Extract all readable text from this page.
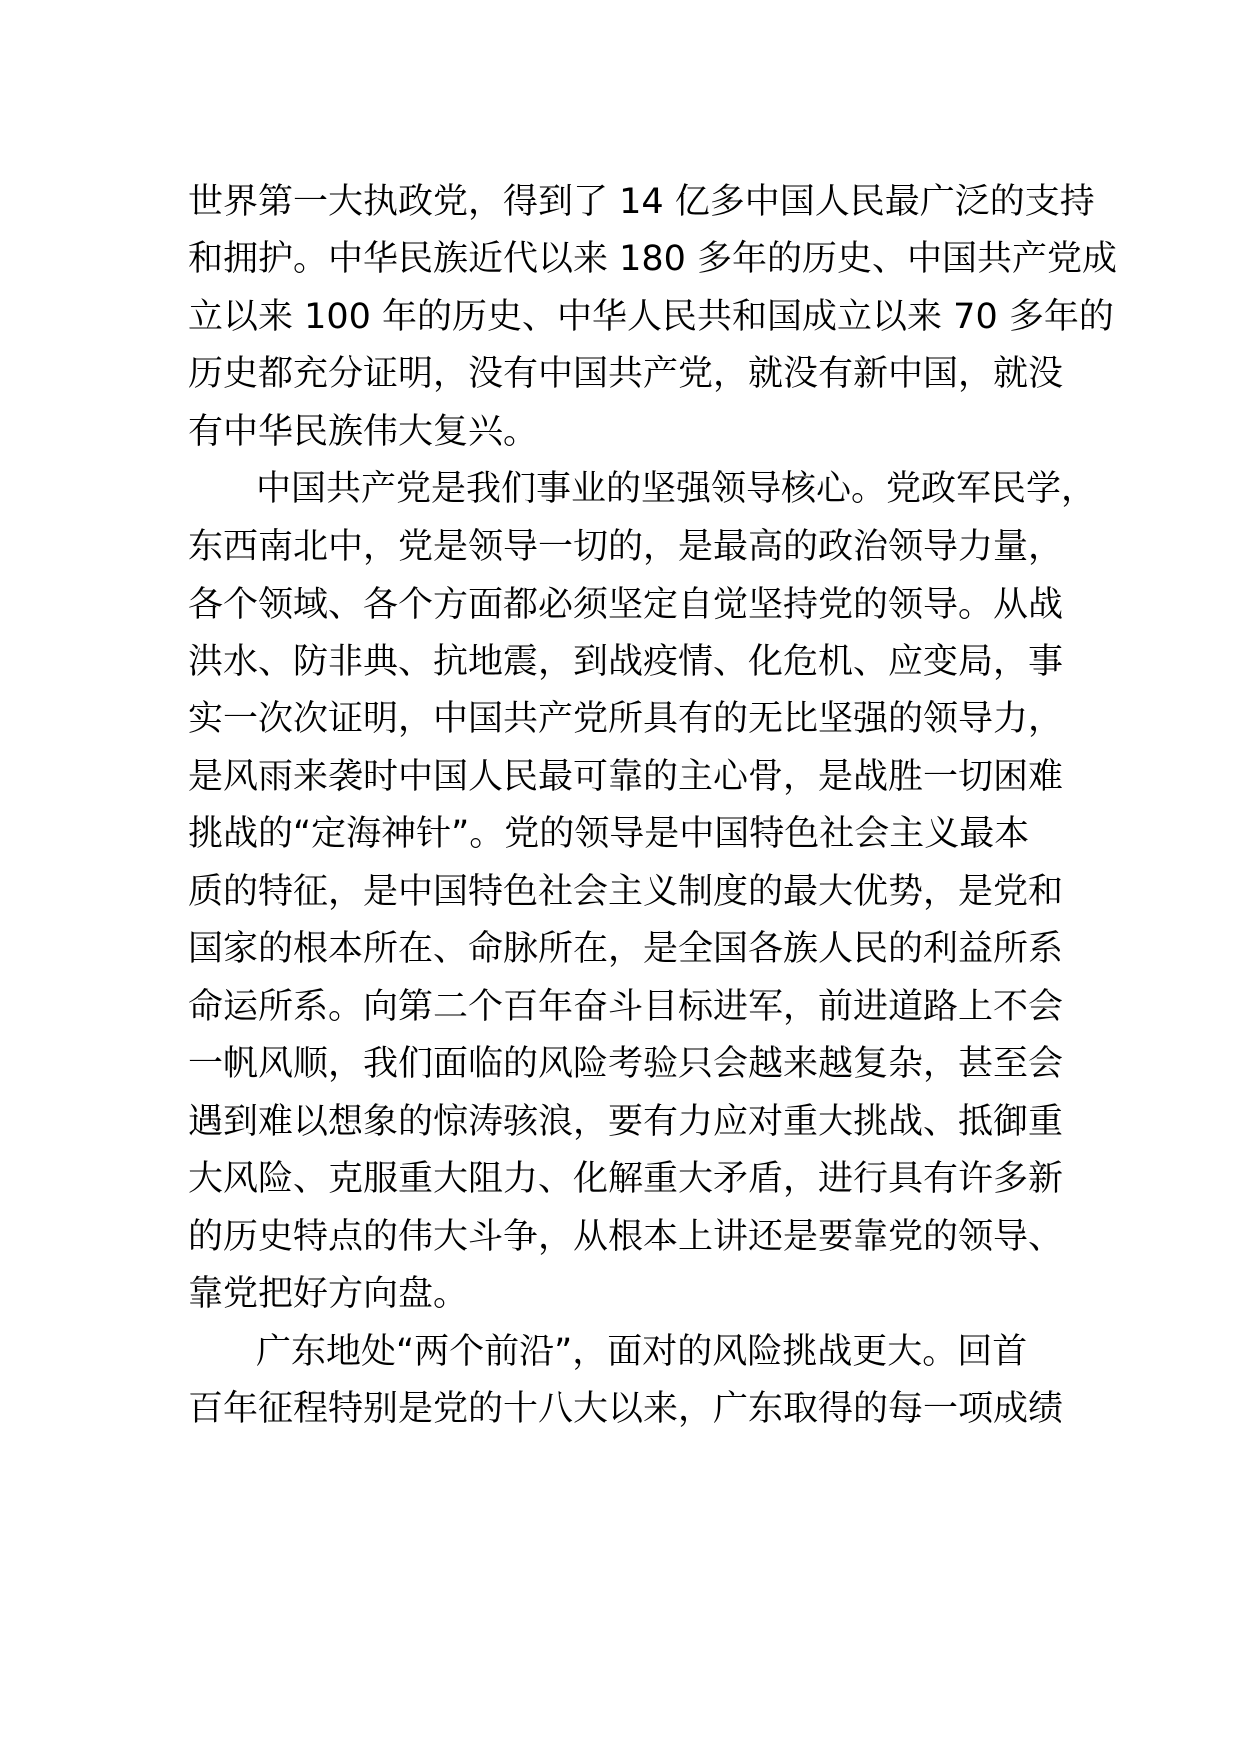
世界第一大执政党，得到了 14 亿多中国人民最广泛的支持
和拥护。中华民族近代以来 180 多年的历史、中国共产党成
立以来 100 年的历史、中华人民共和国成立以来 70 多年的
历史都充分证明，没有中国共产党，就没有新中国，就没
有中华民族伟大复兴。
中国共产党是我们事业的坚强领导核心。党政军民学，
东西南北中，党是领导一切的，是最高的政治领导力量，
各个领域、各个方面都必须坚定自觉坚持党的领导。从战
洪水、防非典、抗地震，到战疫情、化危机、应变局，事
实一次次证明，中国共产党所具有的无比坚强的领导力，
是风雨来袭时中国人民最可靠的主心骨，是战胜一切困难
挑战的“定海神针”。党的领导是中国特色社会主义最本
质的特征，是中国特色社会主义制度的最大优势，是党和
国家的根本所在、命脉所在，是全国各族人民的利益所系
命运所系。向第二个百年奋斗目标进军，前进道路上不会
一帆风顺，我们面临的风险考验只会越来越复杂，甚至会
遇到难以想象的惊涛骇浪，要有力应对重大挑战、抵御重
大风险、克服重大阻力、化解重大矛盾，进行具有许多新
的历史特点的伟大斗争，从根本上讲还是要靠党的领导、
靠党把好方向盘。
广东地处“两个前沿”，面对的风险挑战更大。回首
百年征程特别是党的十八大以来，广东取得的每一项成绩
